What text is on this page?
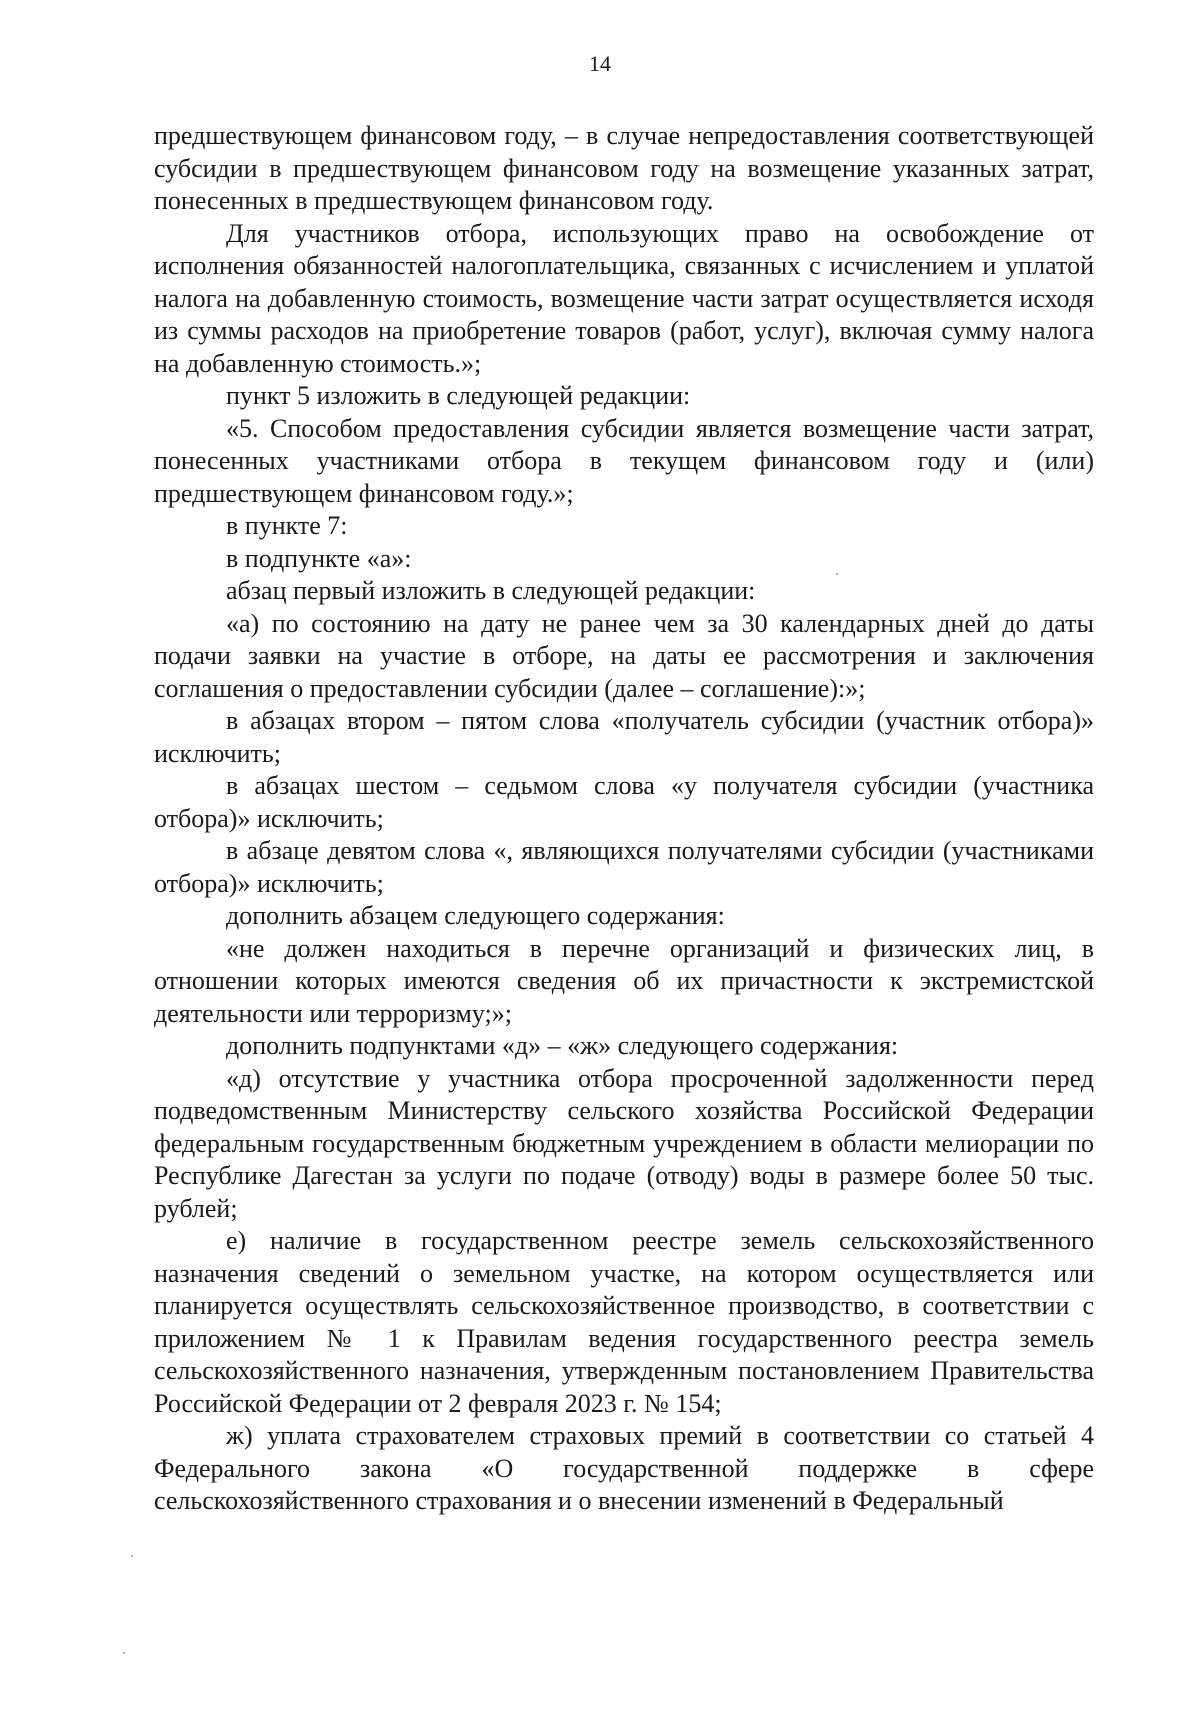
14

предшествующем финансовом году, – в случае непредоставления соответствующей субсидии в предшествующем финансовом году на возмещение указанных затрат, понесенных в предшествующем финансовом году.

Для участников отбора, использующих право на освобождение от исполнения обязанностей налогоплательщика, связанных с исчислением и уплатой налога на добавленную стоимость, возмещение части затрат осуществляется исходя из суммы расходов на приобретение товаров (работ, услуг), включая сумму налога на добавленную стоимость.»;

пункт 5 изложить в следующей редакции:

«5. Способом предоставления субсидии является возмещение части затрат, понесенных участниками отбора в текущем финансовом году и (или) предшествующем финансовом году.»;

в пункте 7:

в подпункте «а»:

абзац первый изложить в следующей редакции:

«а) по состоянию на дату не ранее чем за 30 календарных дней до даты подачи заявки на участие в отборе, на даты ее рассмотрения и заключения соглашения о предоставлении субсидии (далее – соглашение):»;

в абзацах втором – пятом слова «получатель субсидии (участник отбора)» исключить;

в абзацах шестом – седьмом слова «у получателя субсидии (участника отбора)» исключить;

в абзаце девятом слова «, являющихся получателями субсидии (участниками отбора)» исключить;

дополнить абзацем следующего содержания:

«не должен находиться в перечне организаций и физических лиц, в отношении которых имеются сведения об их причастности к экстремистской деятельности или терроризму;»;

дополнить подпунктами «д» – «ж» следующего содержания:

«д) отсутствие у участника отбора просроченной задолженности перед подведомственным Министерству сельского хозяйства Российской Федерации федеральным государственным бюджетным учреждением в области мелиорации по Республике Дагестан за услуги по подаче (отводу) воды в размере более 50 тыс. рублей;

е) наличие в государственном реестре земель сельскохозяйственного назначения сведений о земельном участке, на котором осуществляется или планируется осуществлять сельскохозяйственное производство, в соответствии с приложением № 1 к Правилам ведения государственного реестра земель сельскохозяйственного назначения, утвержденным постановлением Правительства Российской Федерации от 2 февраля 2023 г. № 154;

ж) уплата страхователем страховых премий в соответствии со статьей 4 Федерального закона «О государственной поддержке в сфере сельскохозяйственного страхования и о внесении изменений в Федеральный
